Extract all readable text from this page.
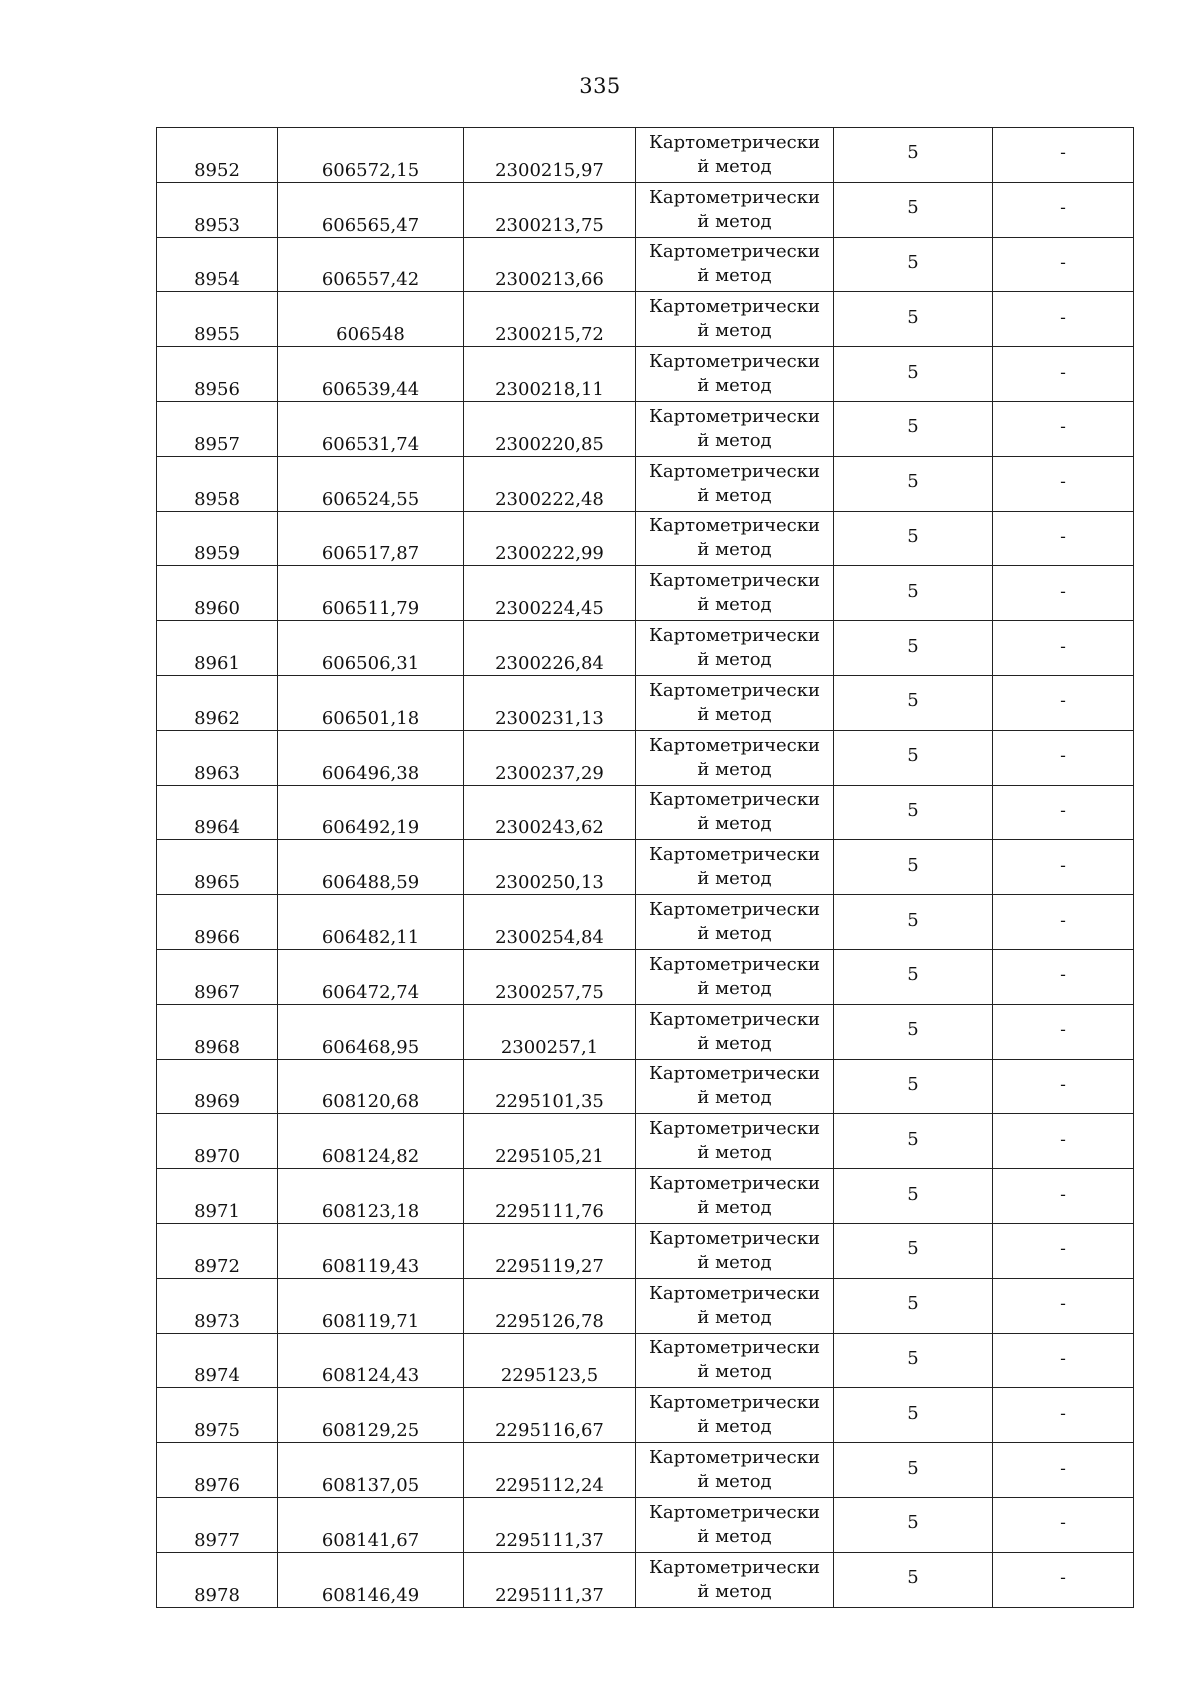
335
8952	606572,15	2300215,97	Картометрически
й метод	5	-
8953	606565,47	2300213,75	Картометрически
й метод	5	-
8954	606557,42	2300213,66	Картометрически
й метод	5	-
8955	606548	2300215,72	Картометрически
й метод	5	-
8956	606539,44	2300218,11	Картометрически
й метод	5	-
8957	606531,74	2300220,85	Картометрически
й метод	5	-
8958	606524,55	2300222,48	Картометрически
й метод	5	-
8959	606517,87	2300222,99	Картометрически
й метод	5	-
8960	606511,79	2300224,45	Картометрически
й метод	5	-
8961	606506,31	2300226,84	Картометрически
й метод	5	-
8962	606501,18	2300231,13	Картометрически
й метод	5	-
8963	606496,38	2300237,29	Картометрически
й метод	5	-
8964	606492,19	2300243,62	Картометрически
й метод	5	-
8965	606488,59	2300250,13	Картометрически
й метод	5	-
8966	606482,11	2300254,84	Картометрически
й метод	5	-
8967	606472,74	2300257,75	Картометрически
й метод	5	-
8968	606468,95	2300257,1	Картометрически
й метод	5	-
8969	608120,68	2295101,35	Картометрически
й метод	5	-
8970	608124,82	2295105,21	Картометрически
й метод	5	-
8971	608123,18	2295111,76	Картометрически
й метод	5	-
8972	608119,43	2295119,27	Картометрически
й метод	5	-
8973	608119,71	2295126,78	Картометрически
й метод	5	-
8974	608124,43	2295123,5	Картометрически
й метод	5	-
8975	608129,25	2295116,67	Картометрически
й метод	5	-
8976	608137,05	2295112,24	Картометрически
й метод	5	-
8977	608141,67	2295111,37	Картометрически
й метод	5	-
8978	608146,49	2295111,37	Картометрически
й метод	5	-
